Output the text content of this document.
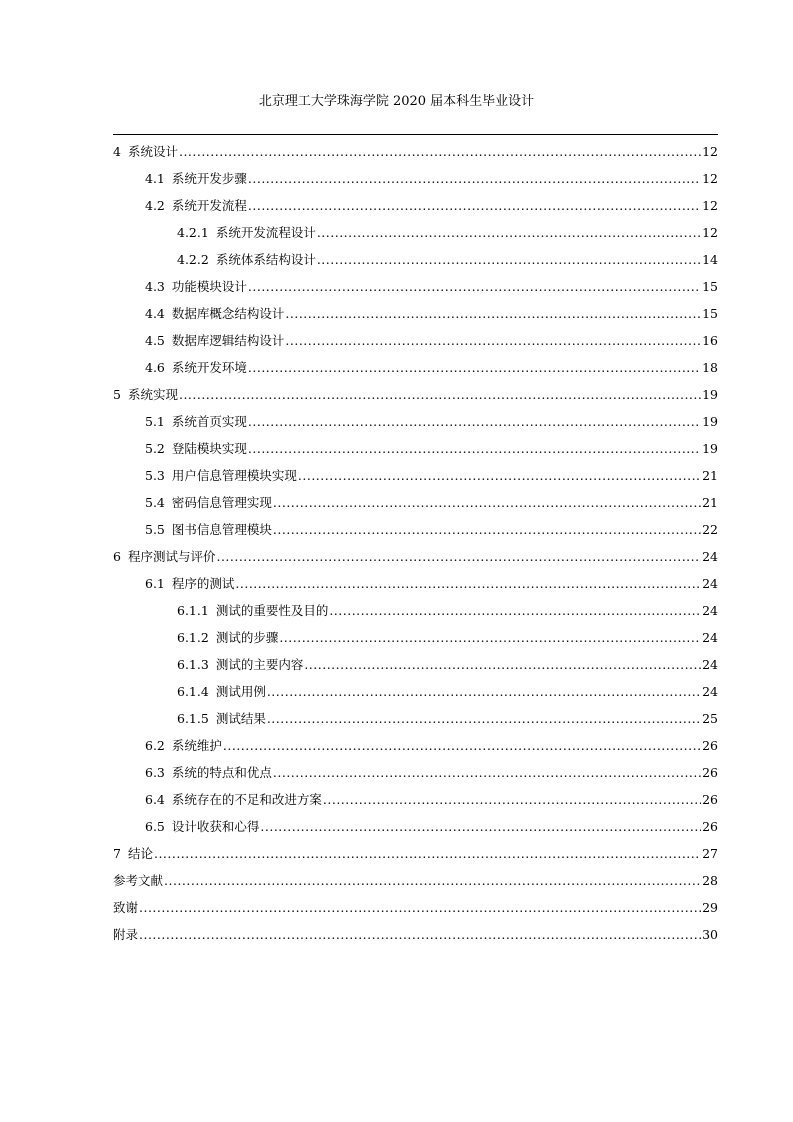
北京理工大学珠海学院 2020 届本科生毕业设计
4 系统设计 .....	12
4.1 系统开发步骤 .....	12
4.2 系统开发流程 .....	12
4.2.1 系统开发流程设计 .....	12
4.2.2 系统体系结构设计 .....	14
4.3 功能模块设计 .....	15
4.4 数据库概念结构设计 .....	15
4.5 数据库逻辑结构设计 .....	16
4.6 系统开发环境 .....	18
5 系统实现 .....	19
5.1 系统首页实现 .....	19
5.2 登陆模块实现 .....	19
5.3 用户信息管理模块实现 .....	21
5.4 密码信息管理实现 .....	21
5.5 图书信息管理模块 .....	22
6 程序测试与评价 .....	24
6.1 程序的测试 .....	24
6.1.1 测试的重要性及目的 .....	24
6.1.2 测试的步骤 .....	24
6.1.3 测试的主要内容 .....	24
6.1.4 测试用例 .....	24
6.1.5 测试结果 .....	25
6.2 系统维护 .....	26
6.3 系统的特点和优点 .....	26
6.4 系统存在的不足和改进方案 .....	26
6.5 设计收获和心得 .....	26
7 结论 .....	27
参考文献 .....	28
致谢 .....	29
附录 .....	30
